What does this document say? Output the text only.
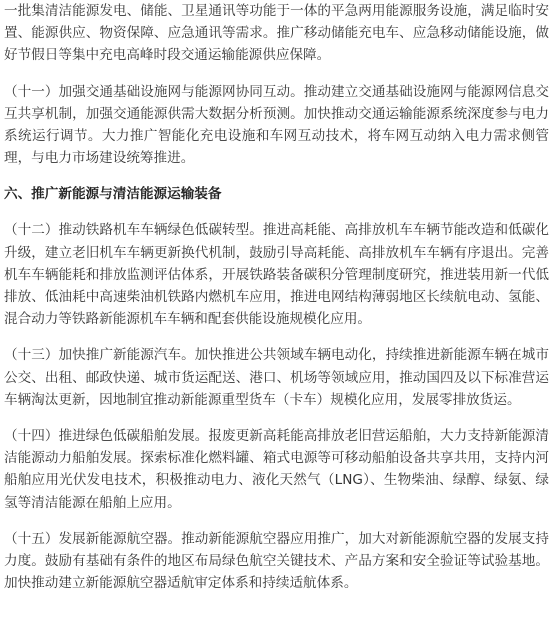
一批集清洁能源发电、储能、卫星通讯等功能于一体的平急两用能源服务设施，满足临时安置、能源供应、物资保障、应急通讯等需求。推广移动储能充电车、应急移动储能设施，做好节假日等集中充电高峰时段交通运输能源供应保障。

（十一）加强交通基础设施网与能源网协同互动。推动建立交通基础设施网与能源网信息交互共享机制，加强交通能源供需大数据分析预测。加快推动交通运输能源系统深度参与电力系统运行调节。大力推广智能化充电设施和车网互动技术，将车网互动纳入电力需求侧管理，与电力市场建设统筹推进。

六、推广新能源与清洁能源运输装备

（十二）推动铁路机车车辆绿色低碳转型。推进高耗能、高排放机车车辆节能改造和低碳化升级，建立老旧机车车辆更新换代机制，鼓励引导高耗能、高排放机车车辆有序退出。完善机车车辆能耗和排放监测评估体系，开展铁路装备碳积分管理制度研究，推进装用新一代低排放、低油耗中高速柴油机铁路内燃机车应用，推进电网结构薄弱地区长续航电动、氢能、混合动力等铁路新能源机车车辆和配套供能设施规模化应用。

（十三）加快推广新能源汽车。加快推进公共领域车辆电动化，持续推进新能源车辆在城市公交、出租、邮政快递、城市货运配送、港口、机场等领域应用，推动国四及以下标准营运车辆淘汰更新，因地制宜推动新能源重型货车（卡车）规模化应用，发展零排放货运。

（十四）推进绿色低碳船舶发展。报废更新高耗能高排放老旧营运船舶，大力支持新能源清洁能源动力船舶发展。探索标准化燃料罐、箱式电源等可移动船舶设备共享共用，支持内河船舶应用光伏发电技术，积极推动电力、液化天然气（LNG）、生物柴油、绿醇、绿氨、绿氢等清洁能源在船舶上应用。

（十五）发展新能源航空器。推动新能源航空器应用推广，加大对新能源航空器的发展支持力度。鼓励有基础有条件的地区布局绿色航空关键技术、产品方案和安全验证等试验基地。加快推动建立新能源航空器适航审定体系和持续适航体系。
